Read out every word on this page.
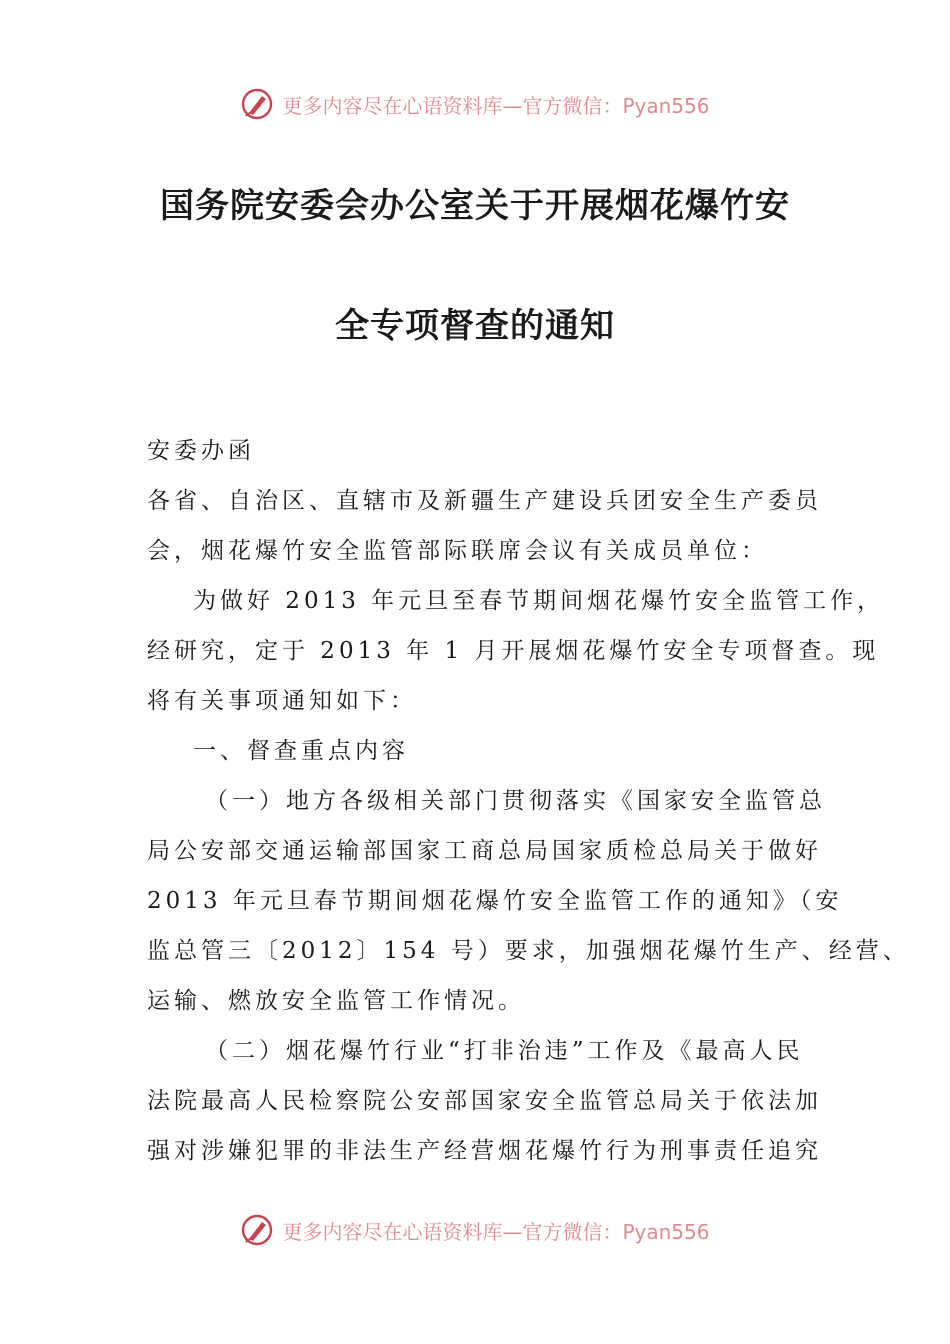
更多内容尽在心语资料库—官方微信：Pyan556
国务院安委会办公室关于开展烟花爆竹安
全专项督查的通知
安委办函
各省、自治区、直辖市及新疆生产建设兵团安全生产委员
会，烟花爆竹安全监管部际联席会议有关成员单位：
为做好 2013 年元旦至春节期间烟花爆竹安全监管工作，
经研究，定于 2013 年 1 月开展烟花爆竹安全专项督查。现
将有关事项通知如下：
一、督查重点内容
（一）地方各级相关部门贯彻落实《国家安全监管总
局公安部交通运输部国家工商总局国家质检总局关于做好
2013 年元旦春节期间烟花爆竹安全监管工作的通知》（安
监总管三〔2012〕154 号）要求，加强烟花爆竹生产、经营、
运输、燃放安全监管工作情况。
（二）烟花爆竹行业“打非治违”工作及《最高人民
法院最高人民检察院公安部国家安全监管总局关于依法加
强对涉嫌犯罪的非法生产经营烟花爆竹行为刑事责任追究
更多内容尽在心语资料库—官方微信：Pyan556
